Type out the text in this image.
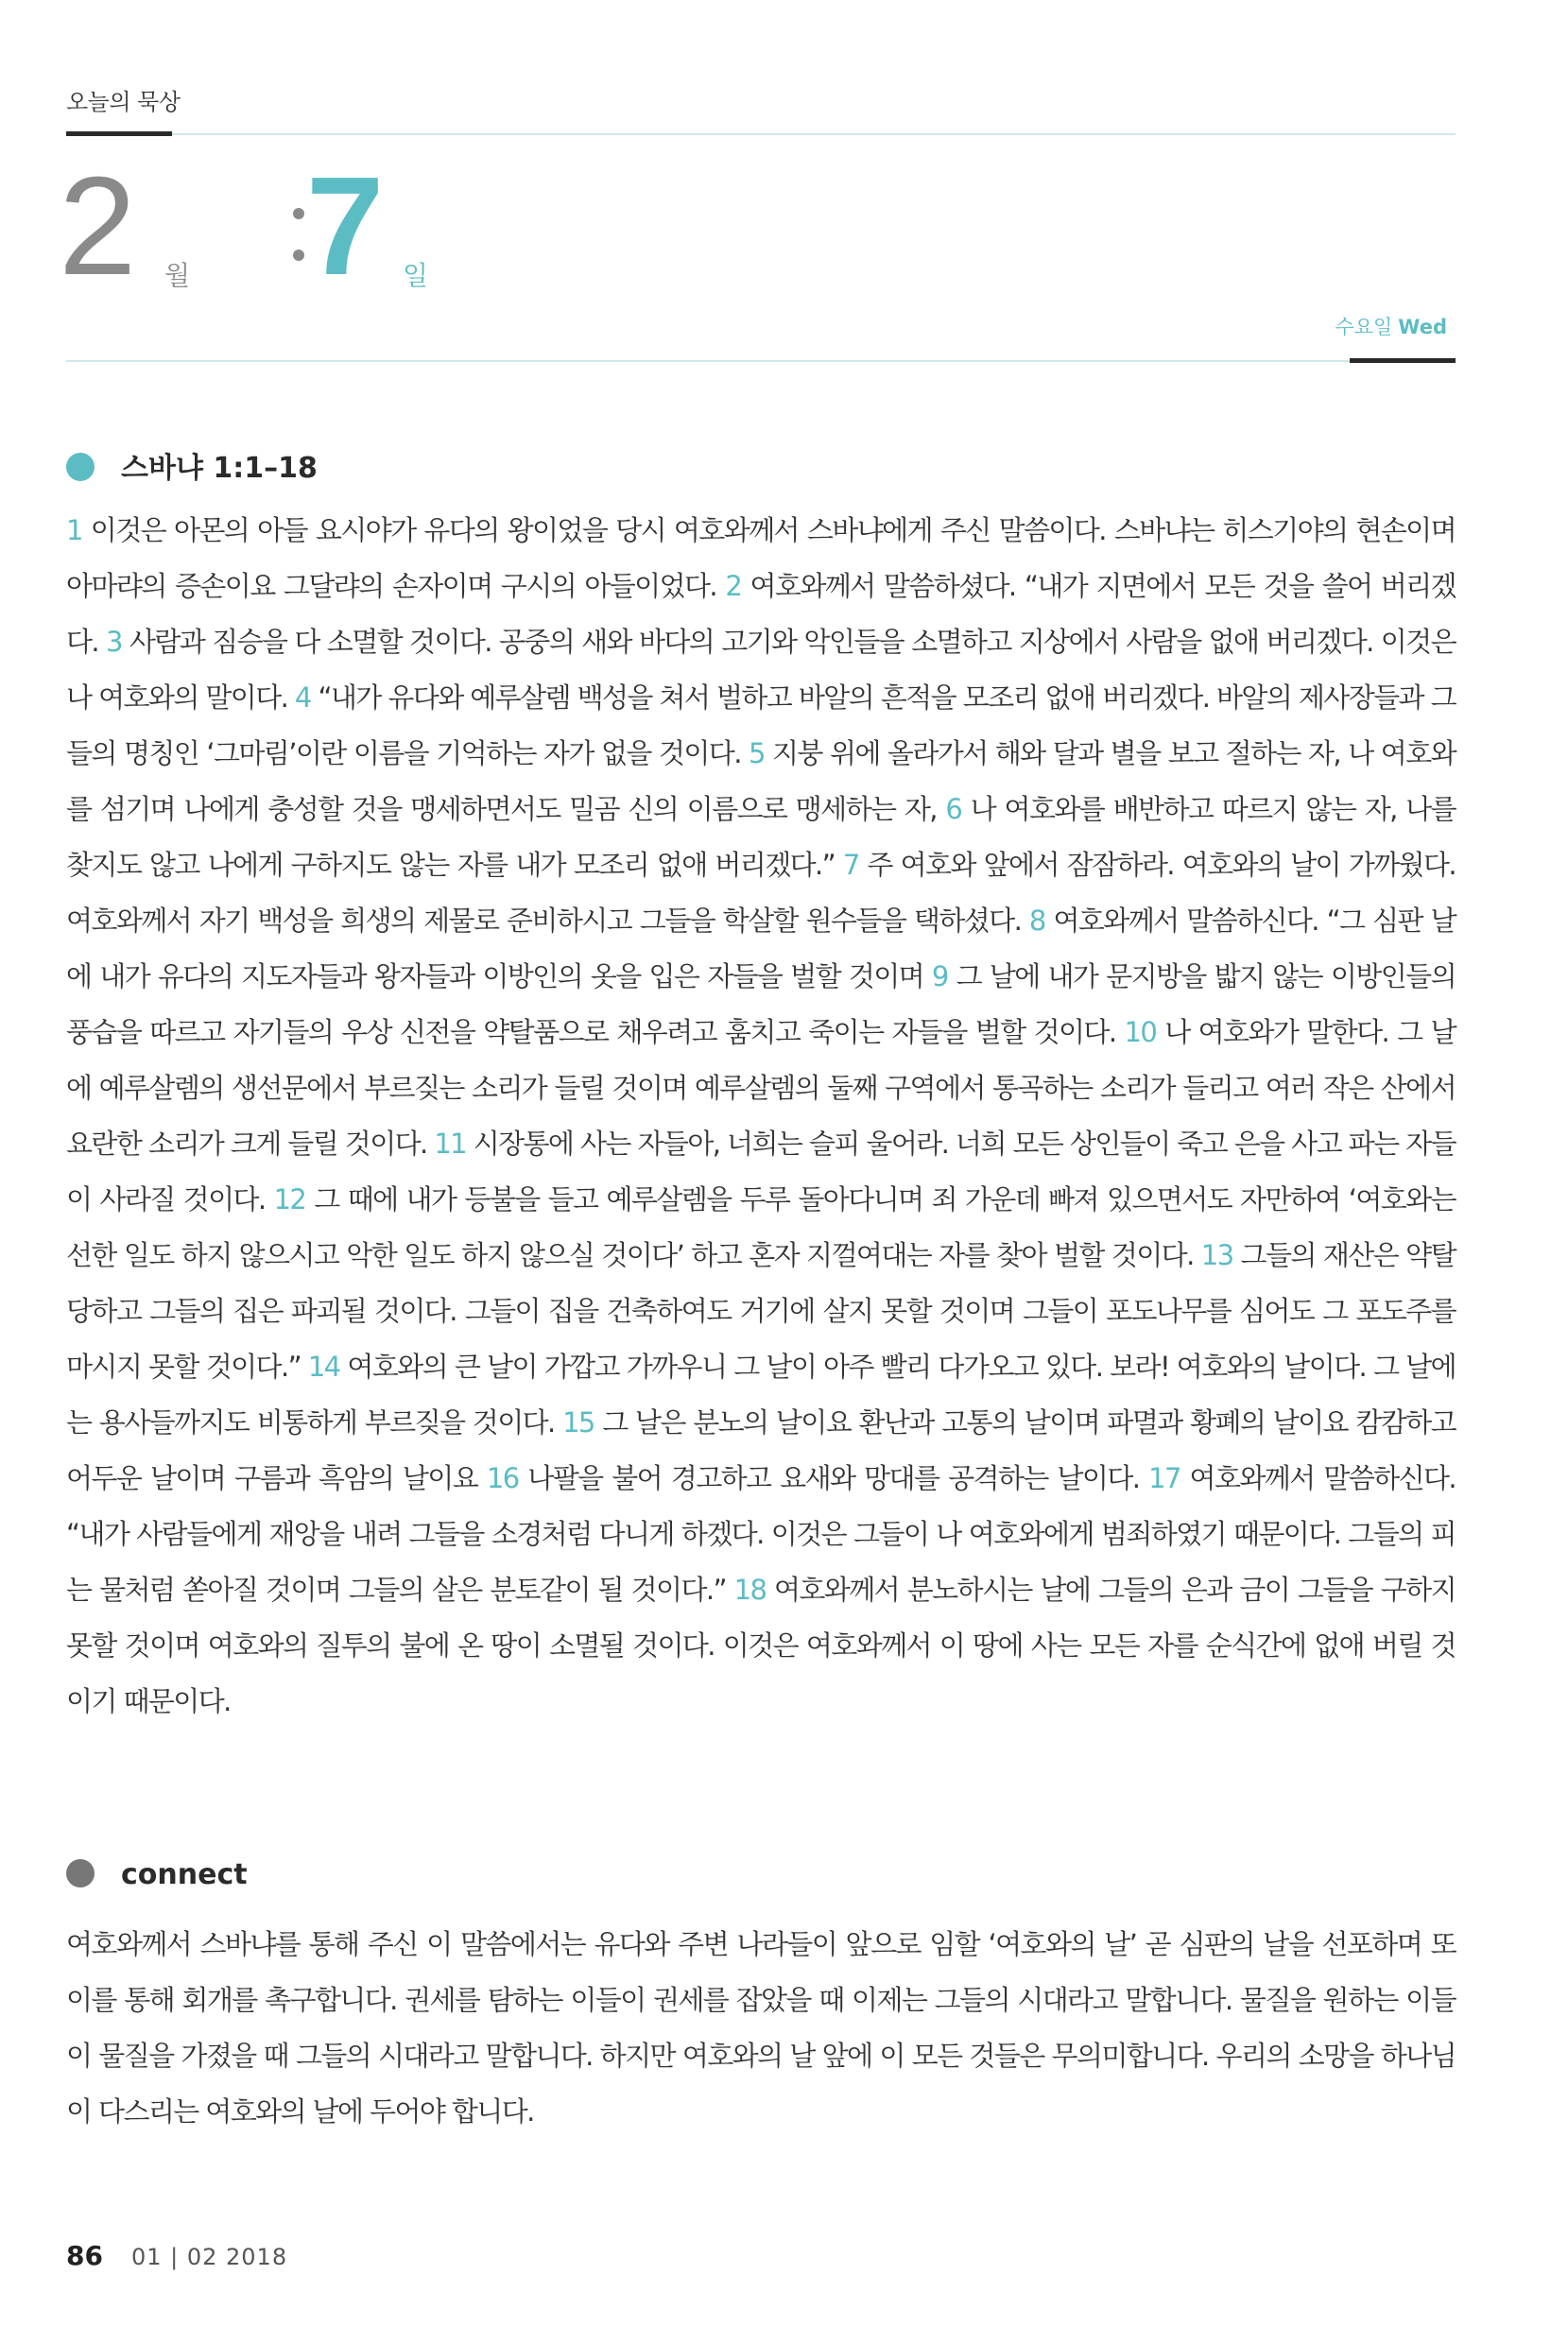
오늘의 묵상
2 월 7 일
수요일 Wed
스바냐 1:1–18
1 이것은 아몬의 아들 요시야가 유다의 왕이었을 당시 여호와께서 스바냐에게 주신 말씀이다. 스바냐는 히스기야의 현손이며 아마랴의 증손이요 그달랴의 손자이며 구시의 아들이었다. 2 여호와께서 말씀하셨다. “내가 지면에서 모든 것을 쓸어 버리겠다. 3 사람과 짐승을 다 소멸할 것이다. 공중의 새와 바다의 고기와 악인들을 소멸하고 지상에서 사람을 없애 버리겠다. 이것은 나 여호와의 말이다. 4 “내가 유다와 예루살렘 백성을 쳐서 벌하고 바알의 흔적을 모조리 없애 버리겠다. 바알의 제사장들과 그들의 명칭인 ‘그마림’이란 이름을 기억하는 자가 없을 것이다. 5 지붕 위에 올라가서 해와 달과 별을 보고 절하는 자, 나 여호와를 섬기며 나에게 충성할 것을 맹세하면서도 밀곰 신의 이름으로 맹세하는 자, 6 나 여호와를 배반하고 따르지 않는 자, 나를 찾지도 않고 나에게 구하지도 않는 자를 내가 모조리 없애 버리겠다.” 7 주 여호와 앞에서 잠잠하라. 여호와의 날이 가까웠다. 여호와께서 자기 백성을 희생의 제물로 준비하시고 그들을 학살할 원수들을 택하셨다. 8 여호와께서 말씀하신다. “그 심판 날에 내가 유다의 지도자들과 왕자들과 이방인의 옷을 입은 자들을 벌할 것이며 9 그 날에 내가 문지방을 밟지 않는 이방인들의 풍습을 따르고 자기들의 우상 신전을 약탈품으로 채우려고 훔치고 죽이는 자들을 벌할 것이다. 10 나 여호와가 말한다. 그 날에 예루살렘의 생선문에서 부르짖는 소리가 들릴 것이며 예루살렘의 둘째 구역에서 통곡하는 소리가 들리고 여러 작은 산에서 요란한 소리가 크게 들릴 것이다. 11 시장통에 사는 자들아, 너희는 슬피 울어라. 너희 모든 상인들이 죽고 은을 사고 파는 자들이 사라질 것이다. 12 그 때에 내가 등불을 들고 예루살렘을 두루 돌아다니며 죄 가운데 빠져 있으면서도 자만하여 ‘여호와는 선한 일도 하지 않으시고 악한 일도 하지 않으실 것이다’ 하고 혼자 지껄여대는 자를 찾아 벌할 것이다. 13 그들의 재산은 약탈당하고 그들의 집은 파괴될 것이다. 그들이 집을 건축하여도 거기에 살지 못할 것이며 그들이 포도나무를 심어도 그 포도주를 마시지 못할 것이다.” 14 여호와의 큰 날이 가깝고 가까우니 그 날이 아주 빨리 다가오고 있다. 보라! 여호와의 날이다. 그 날에는 용사들까지도 비통하게 부르짖을 것이다. 15 그 날은 분노의 날이요 환난과 고통의 날이며 파멸과 황폐의 날이요 캄캄하고 어두운 날이며 구름과 흑암의 날이요 16 나팔을 불어 경고하고 요새와 망대를 공격하는 날이다. 17 여호와께서 말씀하신다. “내가 사람들에게 재앙을 내려 그들을 소경처럼 다니게 하겠다. 이것은 그들이 나 여호와에게 범죄하였기 때문이다. 그들의 피는 물처럼 쏟아질 것이며 그들의 살은 분토같이 될 것이다.” 18 여호와께서 분노하시는 날에 그들의 은과 금이 그들을 구하지 못할 것이며 여호와의 질투의 불에 온 땅이 소멸될 것이다. 이것은 여호와께서 이 땅에 사는 모든 자를 순식간에 없애 버릴 것이기 때문이다.
connect
여호와께서 스바냐를 통해 주신 이 말씀에서는 유다와 주변 나라들이 앞으로 임할 ‘여호와의 날’ 곧 심판의 날을 선포하며 또 이를 통해 회개를 촉구합니다. 권세를 탐하는 이들이 권세를 잡았을 때 이제는 그들의 시대라고 말합니다. 물질을 원하는 이들이 물질을 가졌을 때 그들의 시대라고 말합니다. 하지만 여호와의 날 앞에 이 모든 것들은 무의미합니다. 우리의 소망을 하나님이 다스리는 여호와의 날에 두어야 합니다.
86 01 | 02 2018
